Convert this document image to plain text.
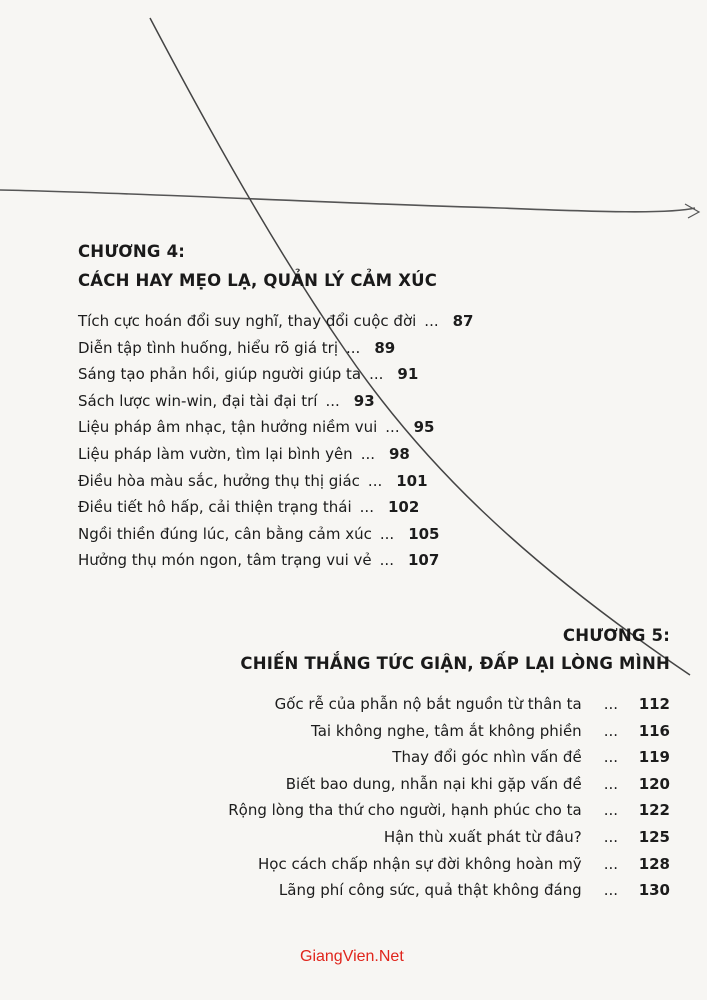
CHƯƠNG 4:
CÁCH HAY MẸO LẠ, QUẢN LÝ CẢM XÚC
Tích cực hoán đổi suy nghĩ, thay đổi cuộc đời ... 87
Diễn tập tình huống, hiểu rõ giá trị ... 89
Sáng tạo phản hồi, giúp người giúp ta ... 91
Sách lược win-win, đại tài đại trí ... 93
Liệu pháp âm nhạc, tận hưởng niềm vui ... 95
Liệu pháp làm vườn, tìm lại bình yên ... 98
Điều hòa màu sắc, hưởng thụ thị giác ... 101
Điều tiết hô hấp, cải thiện trạng thái ... 102
Ngồi thiền đúng lúc, cân bằng cảm xúc ... 105
Hưởng thụ món ngon, tâm trạng vui vẻ ... 107
CHƯƠNG 5:
CHIẾN THẮNG TỨC GIẬN, ĐẤP LẠI LÒNG MÌNH
Gốc rễ của phẫn nộ bắt nguồn từ thân ta ... 112
Tai không nghe, tâm ắt không phiền ... 116
Thay đổi góc nhìn vấn đề ... 119
Biết bao dung, nhẫn nại khi gặp vấn đề ... 120
Rộng lòng tha thứ cho người, hạnh phúc cho ta ... 122
Hận thù xuất phát từ đâu? ... 125
Học cách chấp nhận sự đời không hoàn mỹ ... 128
Lãng phí công sức, quả thật không đáng ... 130
GiangVien.Net
